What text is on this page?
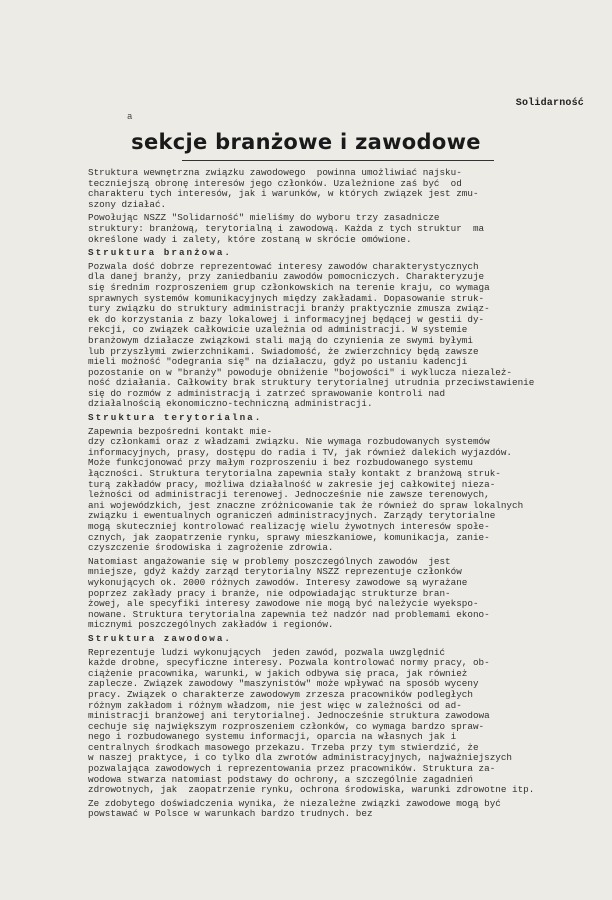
a
Solidarność
sekcje branżowe i zawodowe
Struktura wewnętrzna związku zawodowego  powinna umożliwiać najsku-
teczniejszą obronę interesów jego członków. Uzależnione zaś być  od
charakteru tych interesów, jak i warunków, w których związek jest zmu-
szony działać.
Powołując NSZZ "Solidarność" mieliśmy do wyboru trzy zasadnicze
struktury: branżową, terytorialną i zawodową. Każda z tych struktur  ma
określone wady i zalety, które zostaną w skrócie omówione.
Struktura branżowa.
Pozwala dość dobrze reprezentować interesy zawodów charakterystycznych
dla danej branży, przy zaniedbaniu zawodów pomocniczych. Charakteryzuje
się średnim rozproszeniem grup członkowskich na terenie kraju, co wymaga
sprawnych systemów komunikacyjnych między zakładami. Dopasowanie struk-
tury związku do struktury administracji branży praktycznie zmusza związ-
ek do korzystania z bazy lokalowej i informacyjnej będącej w gestii dy-
rekcji, co związek całkowicie uzależnia od administracji. W systemie
branżowym działacze związkowi stali mają do czynienia ze swymi byłymi
lub przyszłymi zwierzchnikami. Świadomość, że zwierzchnicy będą zawsze
mieli możność "odegrania się" na działaczu, gdyż po ustaniu kadencji
pozostanie on w "branży" powoduje obniżenie "bojowości" i wyklucza niezależ-
ność działania. Całkowity brak struktury terytorialnej utrudnia przeciwstawienie
się do rozmów z administracją i zatrzeć sprawowanie kontroli nad
działalnością ekonomiczno-techniczną administracji.
Struktura terytorialna.
Zapewnia bezpośredni kontakt mie-
dzy członkami oraz z władzami związku. Nie wymaga rozbudowanych systemów
informacyjnych, prasy, dostępu do radia i TV, jak również dalekich wyjazdów.
Może funkcjonować przy małym rozproszeniu i bez rozbudowanego systemu
łączności. Struktura terytorialna zapewnia stały kontakt z branżową struk-
turą zakładów pracy, możliwa działalność w zakresie jej całkowitej nieza-
leżności od administracji terenowej. Jednocześnie nie zawsze terenowych,
ani wojewódzkich, jest znaczne zróżnicowanie tak że również do spraw lokalnych
związku i ewentualnych ograniczeń administracyjnych. Zarządy terytorialne
mogą skuteczniej kontrolować realizację wielu żywotnych interesów społe-
cznych, jak zaopatrzenie rynku, sprawy mieszkaniowe, komunikacja, zanie-
czyszczenie środowiska i zagrożenie zdrowia.
Natomiast angażowanie się w problemy poszczególnych zawodów  jest
mniejsze, gdyż każdy zarząd terytorialny NSZZ reprezentuje członków
wykonujących ok. 2000 różnych zawodów. Interesy zawodowe są wyrażane
poprzez zakłady pracy i branże, nie odpowiadając strukturze bran-
żowej, ale specyfiki interesy zawodowe nie mogą być należycie wyekspo-
nowane. Struktura terytorialna zapewnia też nadzór nad problemami ekono-
micznymi poszczególnych zakładów i regionów.
Struktura zawodowa.
Reprezentuje ludzi wykonujących  jeden zawód, pozwala uwzględnić
każde drobne, specyficzne interesy. Pozwala kontrolować normy pracy, ob-
ciążenie pracownika, warunki, w jakich odbywa się praca, jak również
zaplecze. Związek zawodowy "maszynistów" może wpływać na sposób wyceny
pracy. Związek o charakterze zawodowym zrzesza pracowników podległych
różnym zakładom i różnym władzom, nie jest więc w zależności od ad-
ministracji branżowej ani terytorialnej. Jednocześnie struktura zawodowa
cechuje się największym rozproszeniem członków, co wymaga bardzo spraw-
nego i rozbudowanego systemu informacji, oparcia na własnych jak i
centralnych środkach masowego przekazu. Trzeba przy tym stwierdzić, że
w naszej praktyce, i co tylko dla zwrotów administracyjnych, najważniejszych
pozwalająca zawodowych i reprezentowania przez pracowników. Struktura za-
wodowa stwarza natomiast podstawy do ochrony, a szczególnie zagadnień
zdrowotnych, jak  zaopatrzenie rynku, ochrona środowiska, warunki zdrowotne itp.
Ze zdobytego doświadczenia wynika, że niezależne związki zawodowe mogą być
powstawać w Polsce w warunkach bardzo trudnych. bez
